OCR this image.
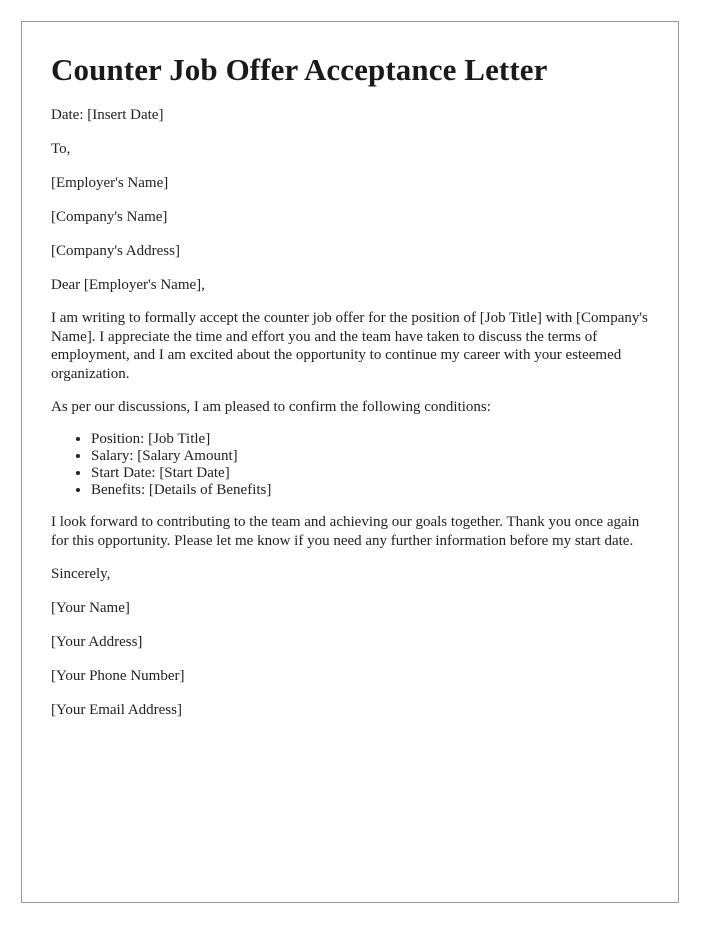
Counter Job Offer Acceptance Letter

Date: [Insert Date]

To,

[Employer's Name]

[Company's Name]

[Company's Address]

Dear [Employer's Name],

I am writing to formally accept the counter job offer for the position of [Job Title] with [Company's Name]. I appreciate the time and effort you and the team have taken to discuss the terms of employment, and I am excited about the opportunity to continue my career with your esteemed organization.

As per our discussions, I am pleased to confirm the following conditions:

• Position: [Job Title]
• Salary: [Salary Amount]
• Start Date: [Start Date]
• Benefits: [Details of Benefits]

I look forward to contributing to the team and achieving our goals together. Thank you once again for this opportunity. Please let me know if you need any further information before my start date.

Sincerely,

[Your Name]

[Your Address]

[Your Phone Number]

[Your Email Address]
